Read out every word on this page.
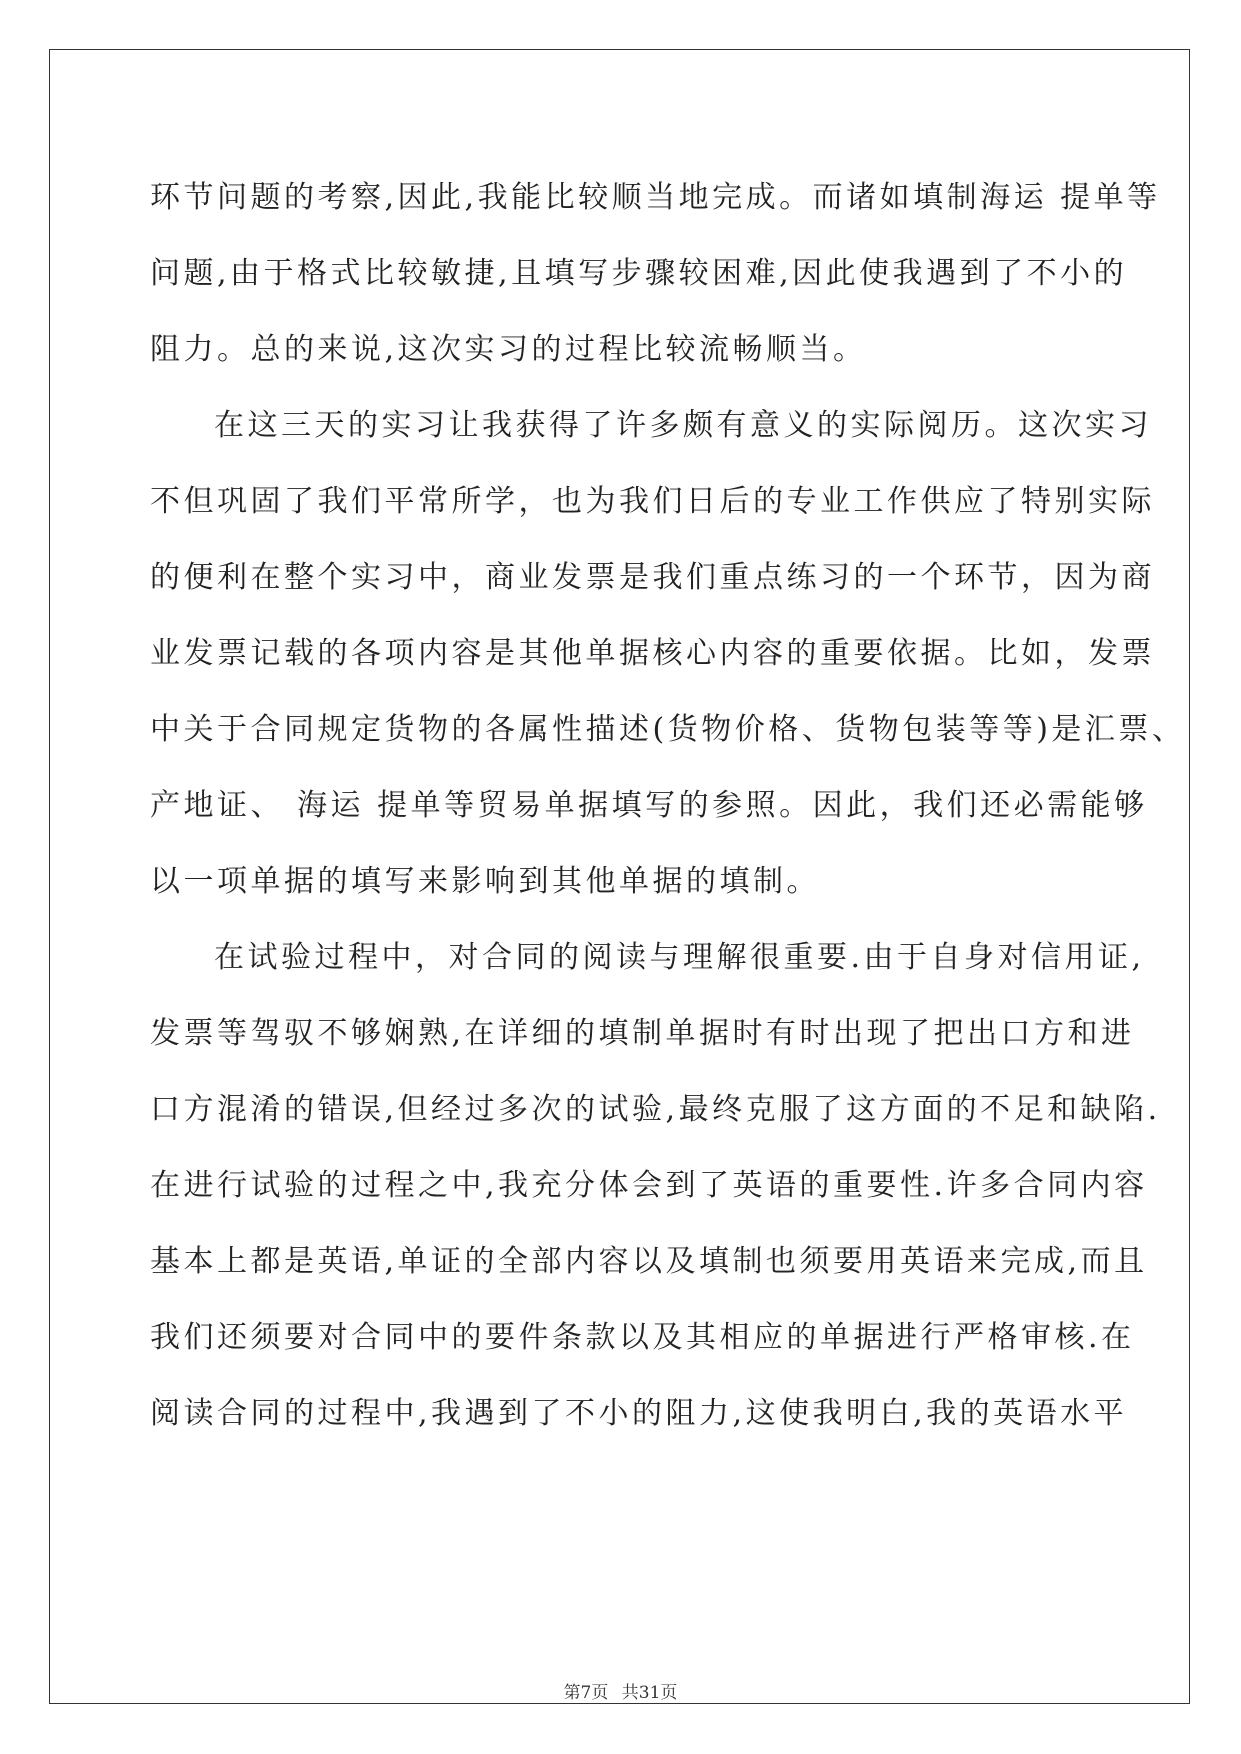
环节问题的考察,因此,我能比较顺当地完成。而诸如填制海运 提单等
问题,由于格式比较敏捷,且填写步骤较困难,因此使我遇到了不小的
阻力。总的来说,这次实习的过程比较流畅顺当。
在这三天的实习让我获得了许多颇有意义的实际阅历。这次实习
不但巩固了我们平常所学，也为我们日后的专业工作供应了特别实际
的便利在整个实习中，商业发票是我们重点练习的一个环节，因为商
业发票记载的各项内容是其他单据核心内容的重要依据。比如，发票
中关于合同规定货物的各属性描述(货物价格、货物包装等等)是汇票、
产地证、 海运 提单等贸易单据填写的参照。因此，我们还必需能够
以一项单据的填写来影响到其他单据的填制。
在试验过程中，对合同的阅读与理解很重要.由于自身对信用证,
发票等驾驭不够娴熟,在详细的填制单据时有时出现了把出口方和进
口方混淆的错误,但经过多次的试验,最终克服了这方面的不足和缺陷.
在进行试验的过程之中,我充分体会到了英语的重要性.许多合同内容
基本上都是英语,单证的全部内容以及填制也须要用英语来完成,而且
我们还须要对合同中的要件条款以及其相应的单据进行严格审核.在
阅读合同的过程中,我遇到了不小的阻力,这使我明白,我的英语水平
第7页 共31页
